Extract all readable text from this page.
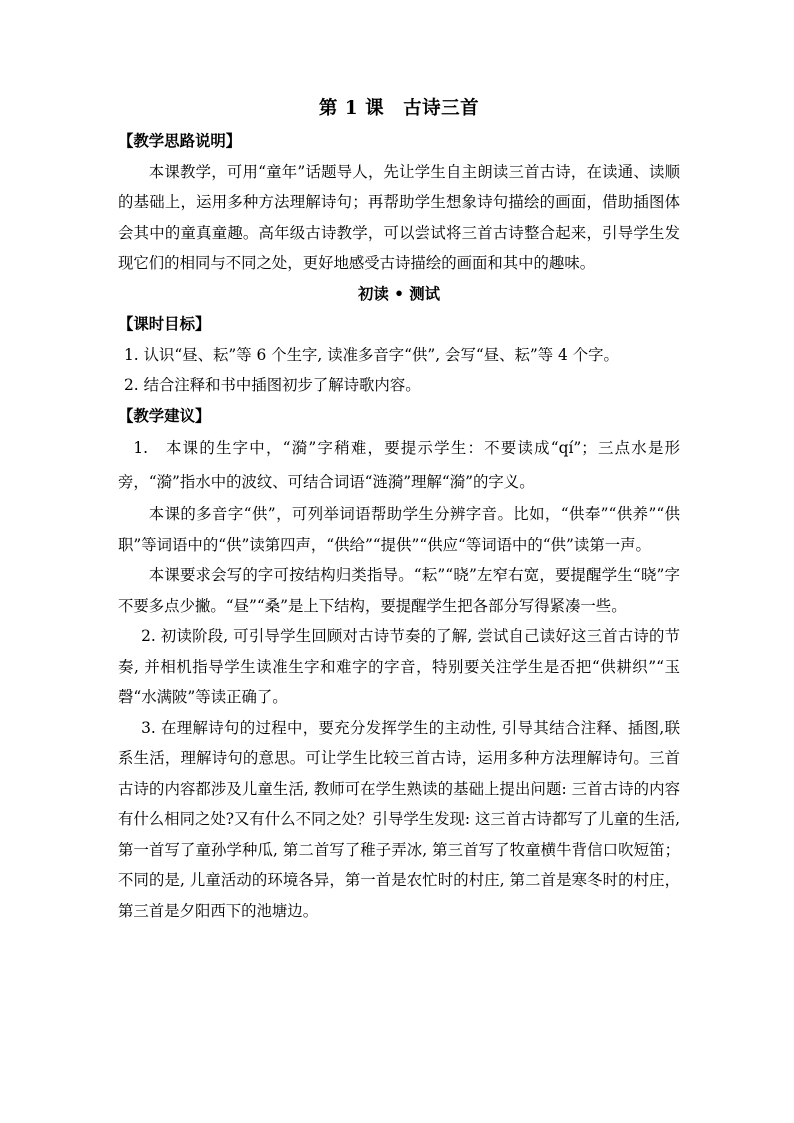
第 1 课　古诗三首

【教学思路说明】

本课教学，可用“童年”话题导人，先让学生自主朗读三首古诗，在读通、读顺的基础上，运用多种方法理解诗句；再帮助学生想象诗句描绘的画面，借助插图体会其中的童真童趣。高年级古诗教学，可以尝试将三首古诗整合起来，引导学生发现它们的相同与不同之处，更好地感受古诗描绘的画面和其中的趣味。

初读 • 测试

【课时目标】

1. 认识“昼、耘”等 6 个生字, 读准多音字“供”, 会写“昼、耘”等 4 个字。

2. 结合注释和书中插图初步了解诗歌内容。

【教学建议】

1.　本课的生字中，“漪”字稍难，要提示学生：不要读成“qí”；三点水是形旁，“漪”指水中的波纹、可结合词语“涟漪”理解“漪”的字义。

本课的多音字“供”，可列举词语帮助学生分辨字音。比如，“供奉”“供养”“供职”等词语中的“供”读第四声，“供给”“提供”“供应“等词语中的“供”读第一声。

本课要求会写的字可按结构归类指导。“耘”“晓”左窄右宽，要提醒学生“晓”字不要多点少撇。“昼”“桑”是上下结构，要提醒学生把各部分写得紧凑一些。

2. 初读阶段, 可引导学生回顾对古诗节奏的了解, 尝试自己读好这三首古诗的节奏, 并相机指导学生读准生字和难字的字音，特别要关注学生是否把“供耕织”“玉磬“水满陂”等读正确了。

3. 在理解诗句的过程中，要充分发挥学生的主动性, 引导其结合注释、插图,联系生活，理解诗句的意思。可让学生比较三首古诗，运用多种方法理解诗句。三首古诗的内容都涉及儿童生活, 教师可在学生熟读的基础上提出问题: 三首古诗的内容有什么相同之处?又有什么不同之处？引导学生发现: 这三首古诗都写了儿童的生活, 第一首写了童孙学种瓜, 第二首写了稚子弄冰, 第三首写了牧童横牛背信口吹短笛；不同的是, 儿童活动的环境各异，第一首是农忙时的村庄, 第二首是寒冬时的村庄，第三首是夕阳西下的池塘边。
